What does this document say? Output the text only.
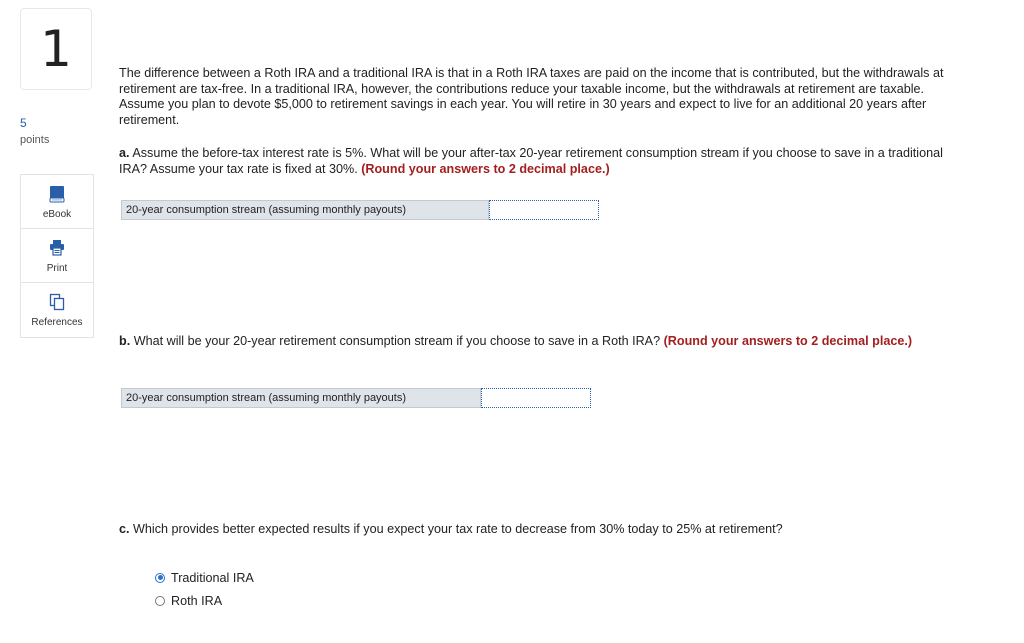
1
5
points
eBook
Print
References

The difference between a Roth IRA and a traditional IRA is that in a Roth IRA taxes are paid on the income that is contributed, but the withdrawals at retirement are tax-free. In a traditional IRA, however, the contributions reduce your taxable income, but the withdrawals at retirement are taxable. Assume you plan to devote $5,000 to retirement savings in each year. You will retire in 30 years and expect to live for an additional 20 years after retirement.

a. Assume the before-tax interest rate is 5%. What will be your after-tax 20-year retirement consumption stream if you choose to save in a traditional IRA? Assume your tax rate is fixed at 30%. (Round your answers to 2 decimal place.)
20-year consumption stream (assuming monthly payouts)
b. What will be your 20-year retirement consumption stream if you choose to save in a Roth IRA? (Round your answers to 2 decimal place.)
20-year consumption stream (assuming monthly payouts)
c. Which provides better expected results if you expect your tax rate to decrease from 30% today to 25% at retirement?
Traditional IRA
Roth IRA
